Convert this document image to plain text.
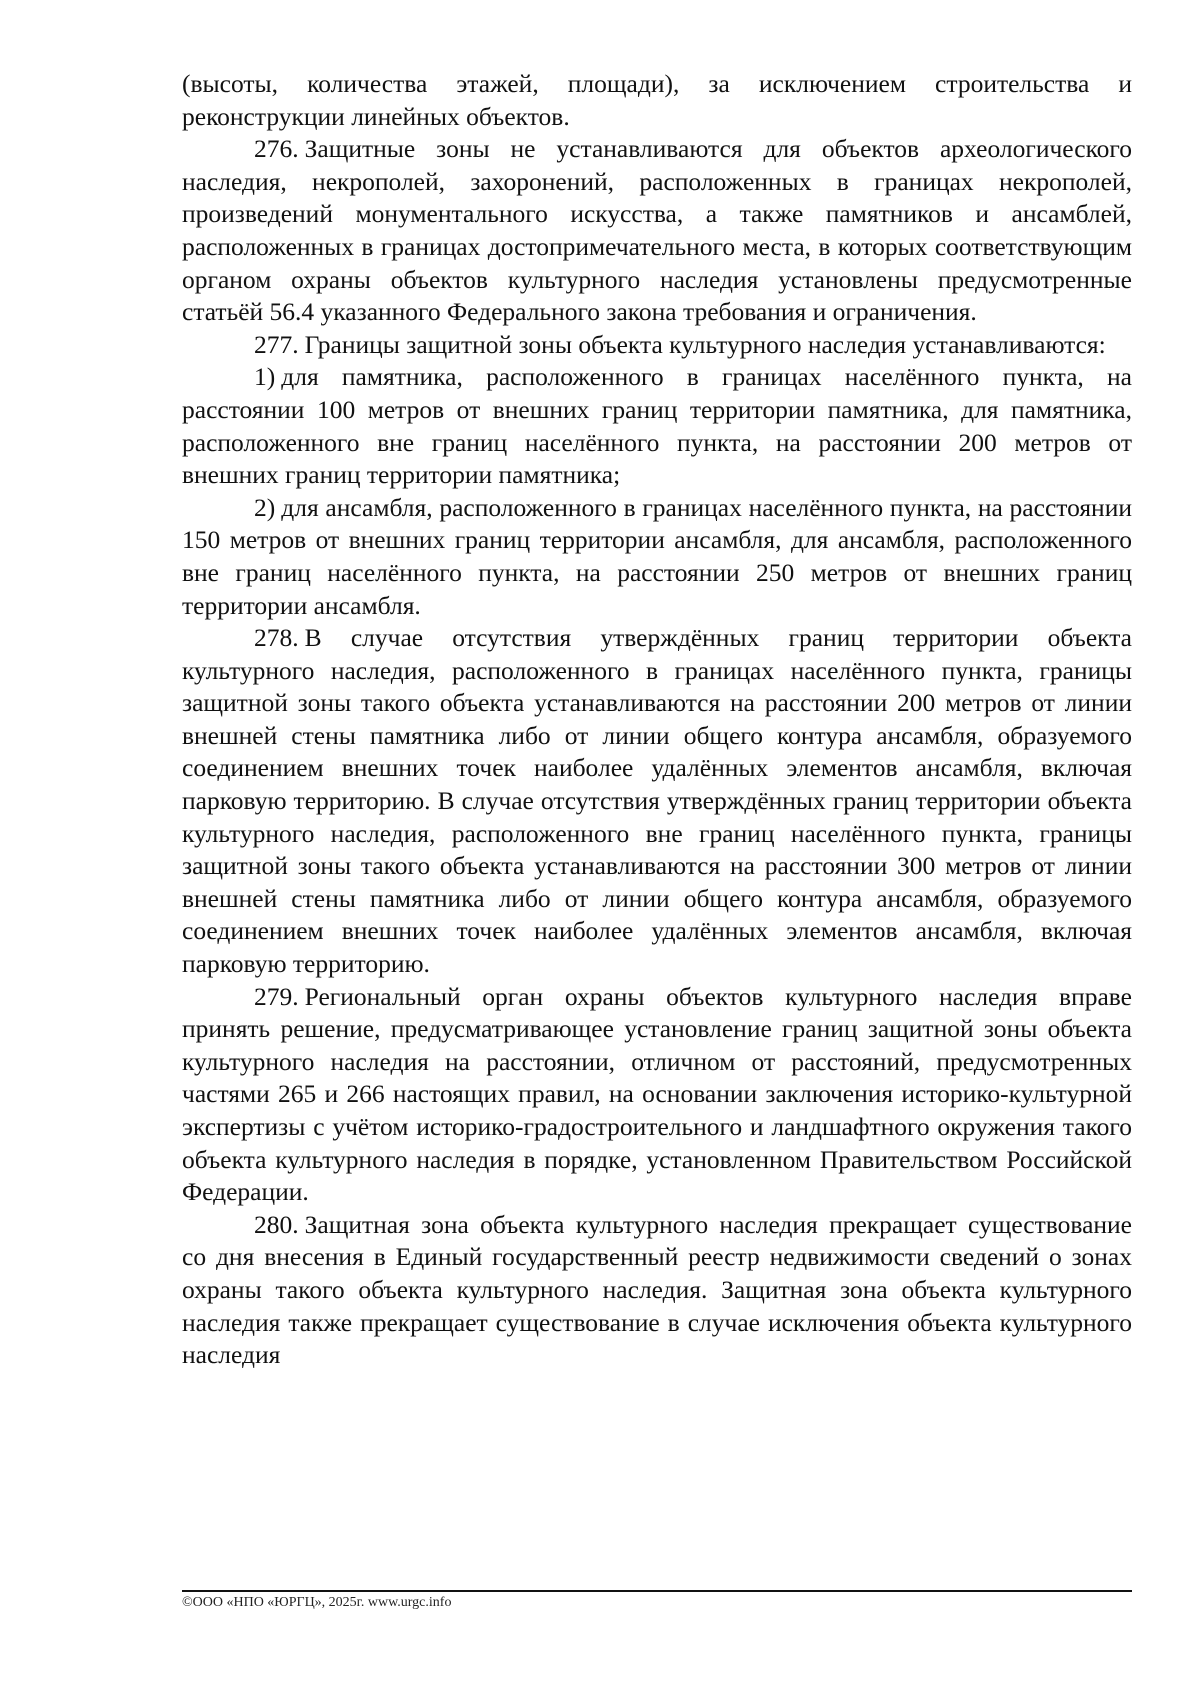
(высоты, количества этажей, площади), за исключением строительства и реконструкции линейных объектов.

276. Защитные зоны не устанавливаются для объектов археологического наследия, некрополей, захоронений, расположенных в границах некрополей, произведений монументального искусства, а также памятников и ансамблей, расположенных в границах достопримечательного места, в которых соответствующим органом охраны объектов культурного наследия установлены предусмотренные статьёй 56.4 указанного Федерального закона требования и ограничения.

277. Границы защитной зоны объекта культурного наследия устанавливаются:

1) для памятника, расположенного в границах населённого пункта, на расстоянии 100 метров от внешних границ территории памятника, для памятника, расположенного вне границ населённого пункта, на расстоянии 200 метров от внешних границ территории памятника;

2) для ансамбля, расположенного в границах населённого пункта, на расстоянии 150 метров от внешних границ территории ансамбля, для ансамбля, расположенного вне границ населённого пункта, на расстоянии 250 метров от внешних границ территории ансамбля.

278. В случае отсутствия утверждённых границ территории объекта культурного наследия, расположенного в границах населённого пункта, границы защитной зоны такого объекта устанавливаются на расстоянии 200 метров от линии внешней стены памятника либо от линии общего контура ансамбля, образуемого соединением внешних точек наиболее удалённых элементов ансамбля, включая парковую территорию. В случае отсутствия утверждённых границ территории объекта культурного наследия, расположенного вне границ населённого пункта, границы защитной зоны такого объекта устанавливаются на расстоянии 300 метров от линии внешней стены памятника либо от линии общего контура ансамбля, образуемого соединением внешних точек наиболее удалённых элементов ансамбля, включая парковую территорию.

279. Региональный орган охраны объектов культурного наследия вправе принять решение, предусматривающее установление границ защитной зоны объекта культурного наследия на расстоянии, отличном от расстояний, предусмотренных частями 265 и 266 настоящих правил, на основании заключения историко-культурной экспертизы с учётом историко-градостроительного и ландшафтного окружения такого объекта культурного наследия в порядке, установленном Правительством Российской Федерации.

280. Защитная зона объекта культурного наследия прекращает существование со дня внесения в Единый государственный реестр недвижимости сведений о зонах охраны такого объекта культурного наследия. Защитная зона объекта культурного наследия также прекращает существование в случае исключения объекта культурного наследия

©ООО «НПО «ЮРГЦ», 2025г. www.urgc.info
